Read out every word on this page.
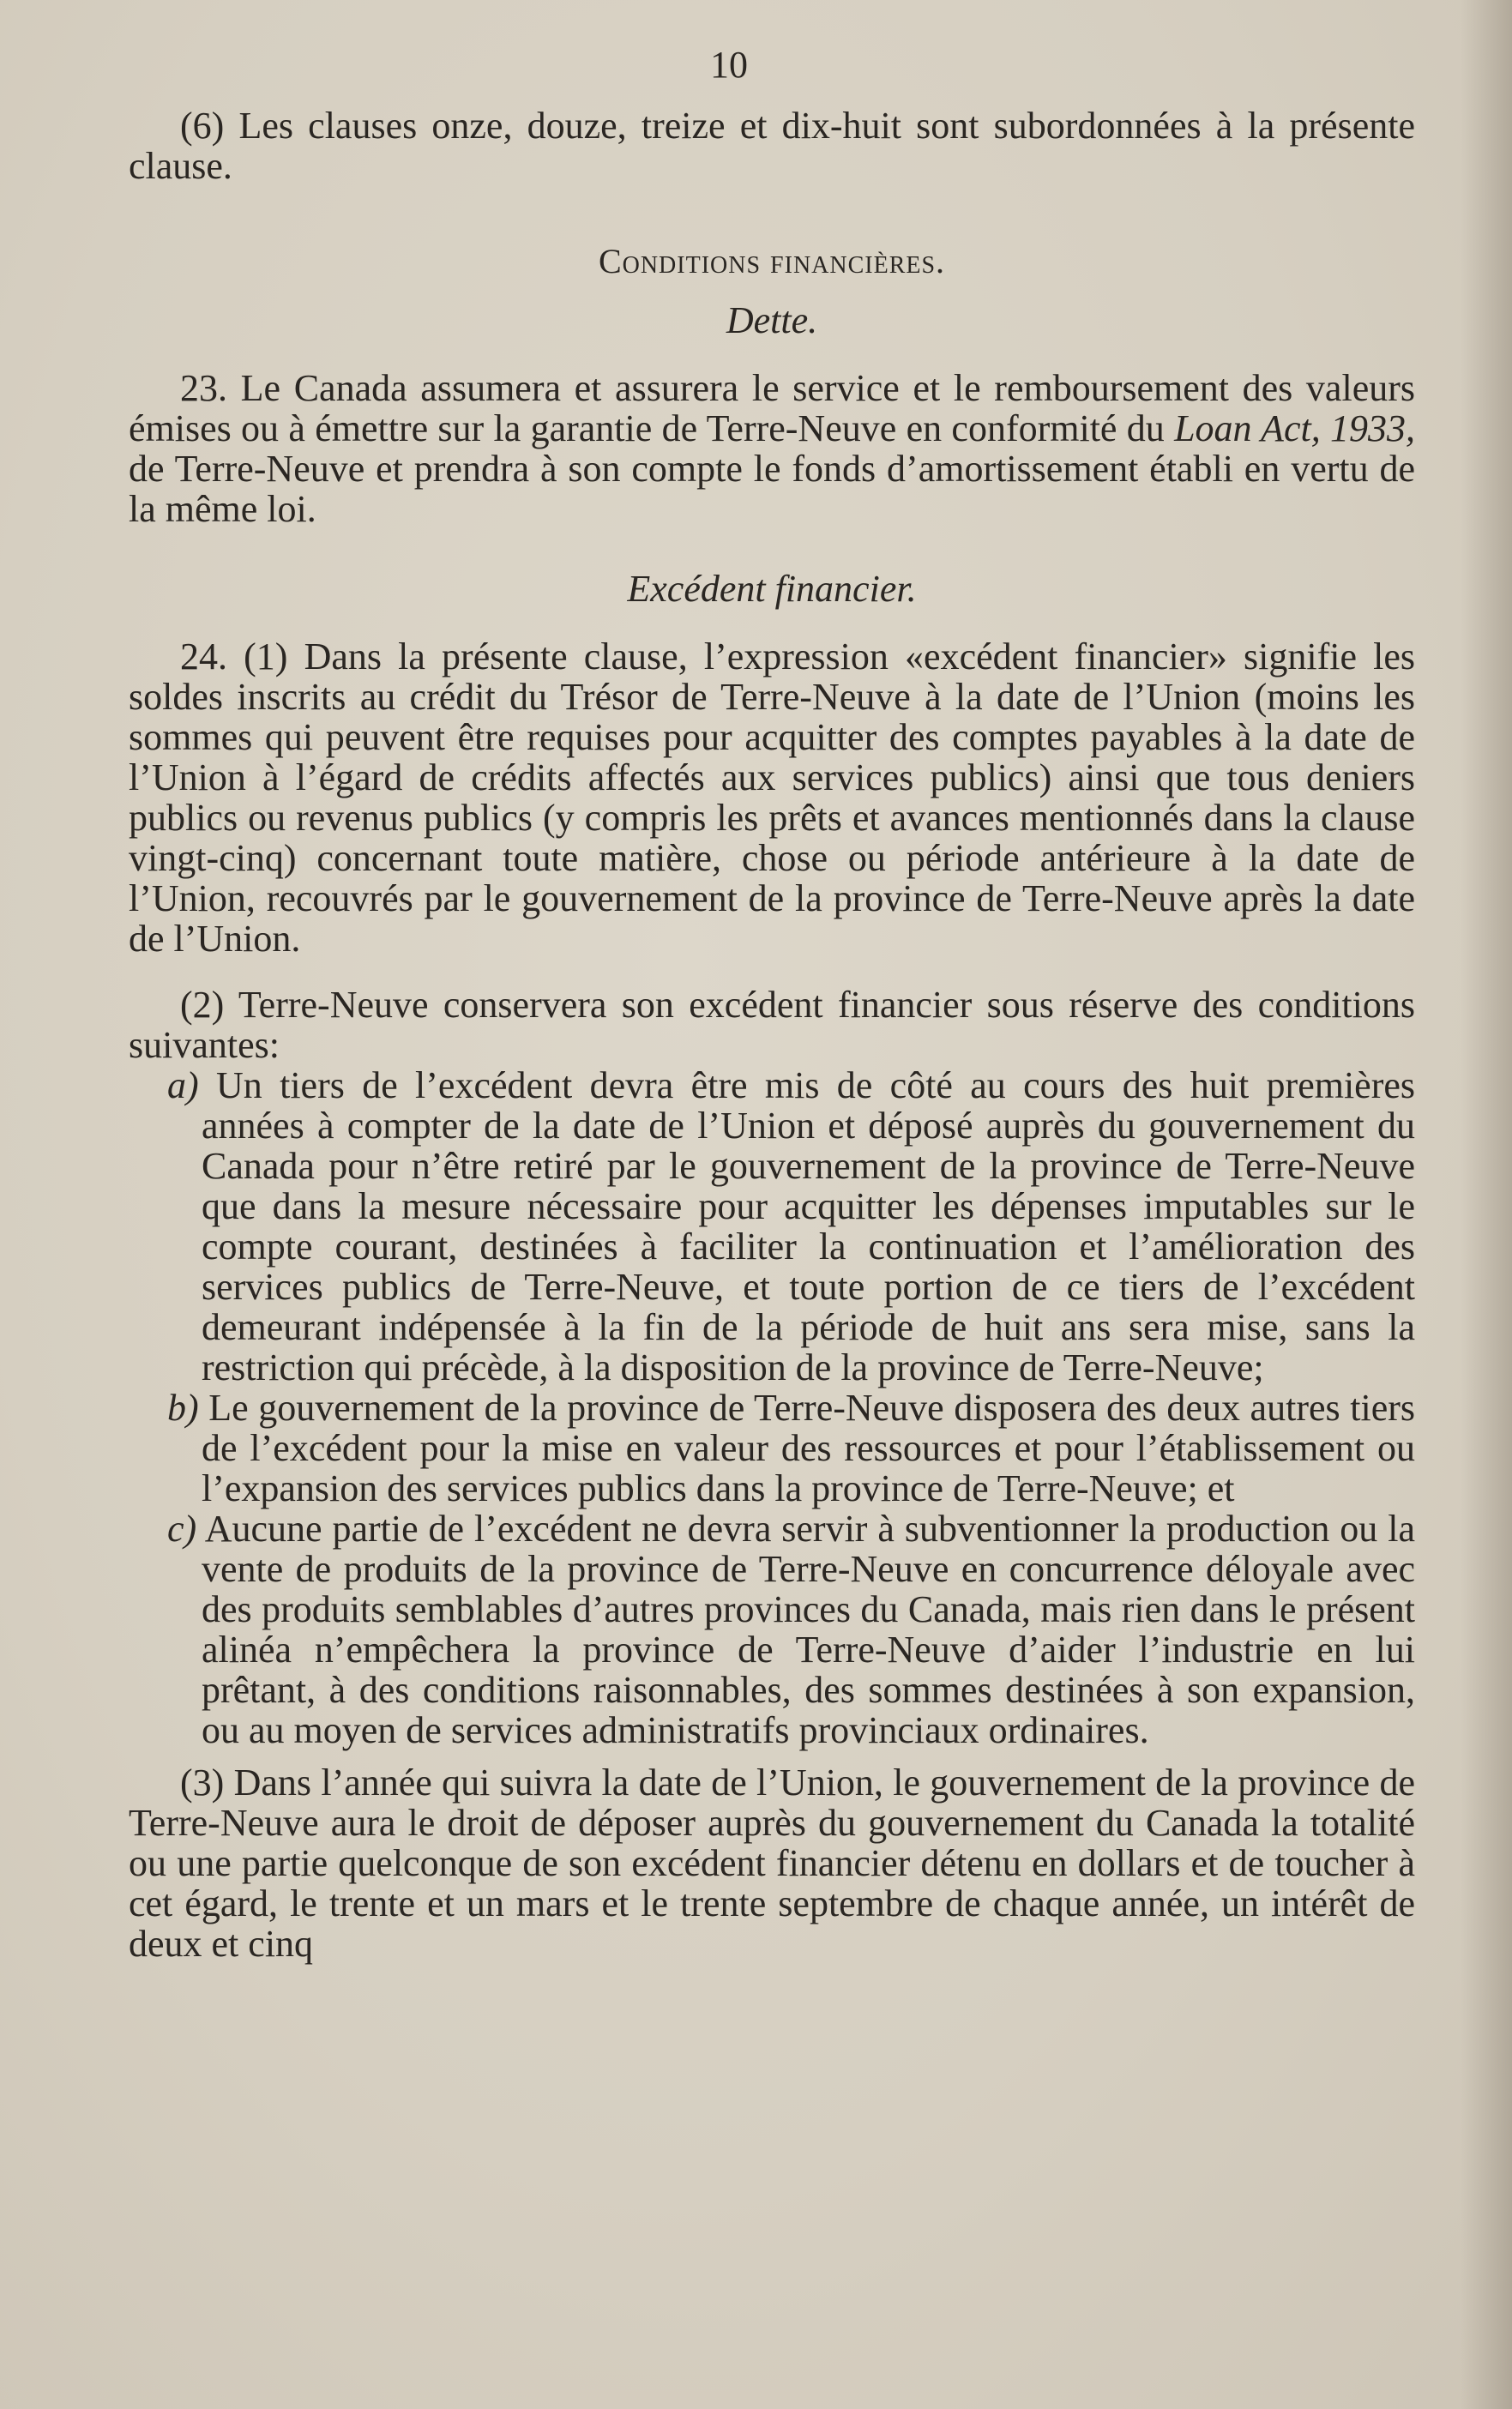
10

(6) Les clauses onze, douze, treize et dix-huit sont subordonnées à la présente clause.

Conditions financières.
Dette.

23. Le Canada assumera et assurera le service et le remboursement des valeurs émises ou à émettre sur la garantie de Terre-Neuve en conformité du Loan Act, 1933, de Terre-Neuve et prendra à son compte le fonds d’amortissement établi en vertu de la même loi.

Excédent financier.

24. (1) Dans la présente clause, l’expression «excédent financier» signifie les soldes inscrits au crédit du Trésor de Terre-Neuve à la date de l’Union (moins les sommes qui peuvent être requises pour acquitter des comptes payables à la date de l’Union à l’égard de crédits affectés aux services publics) ainsi que tous deniers publics ou revenus publics (y compris les prêts et avances mentionnés dans la clause vingt-cinq) concernant toute matière, chose ou période antérieure à la date de l’Union, recouvrés par le gouvernement de la province de Terre-Neuve après la date de l’Union.

(2) Terre-Neuve conservera son excédent financier sous réserve des conditions suivantes:

a) Un tiers de l’excédent devra être mis de côté au cours des huit premières années à compter de la date de l’Union et déposé auprès du gouvernement du Canada pour n’être retiré par le gouvernement de la province de Terre-Neuve que dans la mesure nécessaire pour acquitter les dépenses imputables sur le compte courant, destinées à faciliter la continuation et l’amélioration des services publics de Terre-Neuve, et toute portion de ce tiers de l’excédent demeurant indépensée à la fin de la période de huit ans sera mise, sans la restriction qui précède, à la disposition de la province de Terre-Neuve;

b) Le gouvernement de la province de Terre-Neuve disposera des deux autres tiers de l’excédent pour la mise en valeur des ressources et pour l’établissement ou l’expansion des services publics dans la province de Terre-Neuve; et

c) Aucune partie de l’excédent ne devra servir à subventionner la production ou la vente de produits de la province de Terre-Neuve en concurrence déloyale avec des produits semblables d’autres provinces du Canada, mais rien dans le présent alinéa n’empêchera la province de Terre-Neuve d’aider l’industrie en lui prêtant, à des conditions raisonnables, des sommes destinées à son expansion, ou au moyen de services administratifs provinciaux ordinaires.

(3) Dans l’année qui suivra la date de l’Union, le gouvernement de la province de Terre-Neuve aura le droit de déposer auprès du gouvernement du Canada la totalité ou une partie quelconque de son excédent financier détenu en dollars et de toucher à cet égard, le trente et un mars et le trente septembre de chaque année, un intérêt de deux et cinq
